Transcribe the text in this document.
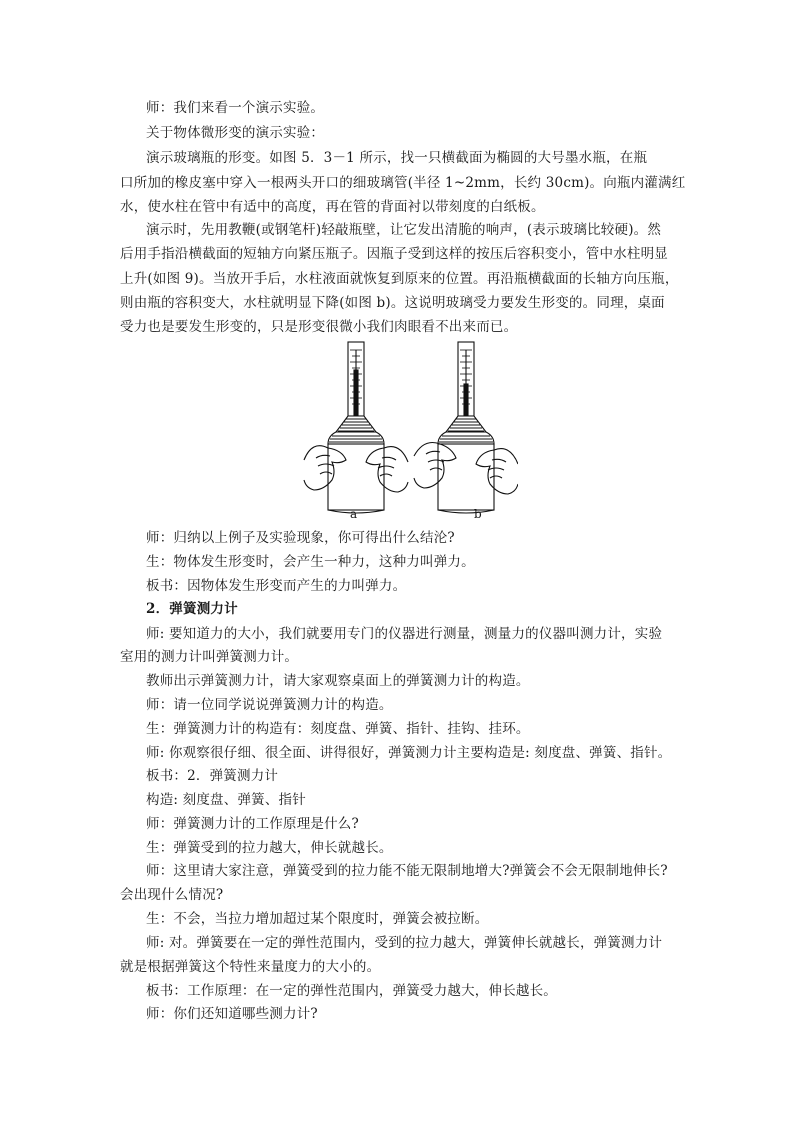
师：我们来看一个演示实验。
关于物体微形变的演示实验：
演示玻璃瓶的形变。如图 5．3－1 所示，找一只横截面为椭圆的大号墨水瓶，在瓶
口所加的橡皮塞中穿入一根两头开口的细玻璃管(半径 1~2mm，长约 30cm)。向瓶内灌满红
水，使水柱在管中有适中的高度，再在管的背面衬以带刻度的白纸板。
演示时，先用教鞭(或钢笔杆)轻敲瓶壁，让它发出清脆的响声，(表示玻璃比较硬)。然
后用手指沿横截面的短轴方向紧压瓶子。因瓶子受到这样的按压后容积变小，管中水柱明显
上升(如图 9)。当放开手后，水柱液面就恢复到原来的位置。再沿瓶横截面的长轴方向压瓶，
则由瓶的容积变大，水柱就明显下降(如图 b)。这说明玻璃受力要发生形变的。同理，桌面
受力也是要发生形变的，只是形变很微小我们肉眼看不出来而已。
a	b
师：归纳以上例子及实验现象，你可得出什么结沦?
生：物体发生形变时，会产生一种力，这种力叫弹力。
板书：因物体发生形变而产生的力叫弹力。
2．弹簧测力计
师: 要知道力的大小，我们就要用专门的仪器进行测量，测量力的仪器叫测力计，实验
室用的测力计叫弹簧测力计。
教师出示弹簧测力计，请大家观察桌面上的弹簧测力计的构造。
师：请一位同学说说弹簧测力计的构造。
生：弹簧测力计的构造有：刻度盘、弹簧、指针、挂钩、挂环。
师: 你观察很仔细、很全面、讲得很好，弹簧测力计主要构造是: 刻度盘、弹簧、指针。
板书：2．弹簧测力计
构造: 刻度盘、弹簧、指针
师：弹簧测力计的工作原理是什么?
生：弹簧受到的拉力越大，伸长就越长。
师：这里请大家注意，弹簧受到的拉力能不能无限制地增大?弹簧会不会无限制地伸长?
会出现什么情况?
生：不会，当拉力增加超过某个限度时，弹簧会被拉断。
师: 对。弹簧要在一定的弹性范围内，受到的拉力越大，弹簧伸长就越长，弹簧测力计
就是根据弹簧这个特性来量度力的大小的。
板书：工作原理：在一定的弹性范围内，弹簧受力越大，伸长越长。
师：你们还知道哪些测力计?
